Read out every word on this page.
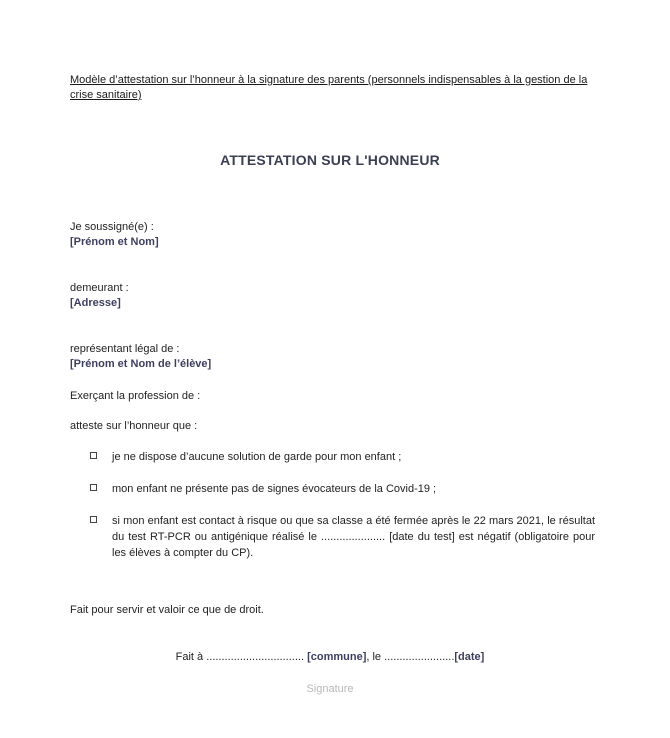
Modèle d’attestation sur l’honneur à la signature des parents (personnels indispensables à la gestion de la crise sanitaire)
ATTESTATION SUR L'HONNEUR
Je soussigné(e) :
[Prénom et Nom]
demeurant :
[Adresse]
représentant légal de :
[Prénom et Nom de l’élève]
Exerçant la profession de :
atteste sur l’honneur que :
je ne dispose d’aucune solution de garde pour mon enfant ;
mon enfant ne présente pas de signes évocateurs de la Covid-19 ;
si mon enfant est contact à risque ou que sa classe a été fermée après le 22 mars 2021, le résultat du test RT-PCR ou antigénique réalisé le ..................... [date du test] est négatif (obligatoire pour les élèves à compter du CP).
Fait pour servir et valoir ce que de droit.
Fait à ................................ [commune], le .......................[date]
Signature
